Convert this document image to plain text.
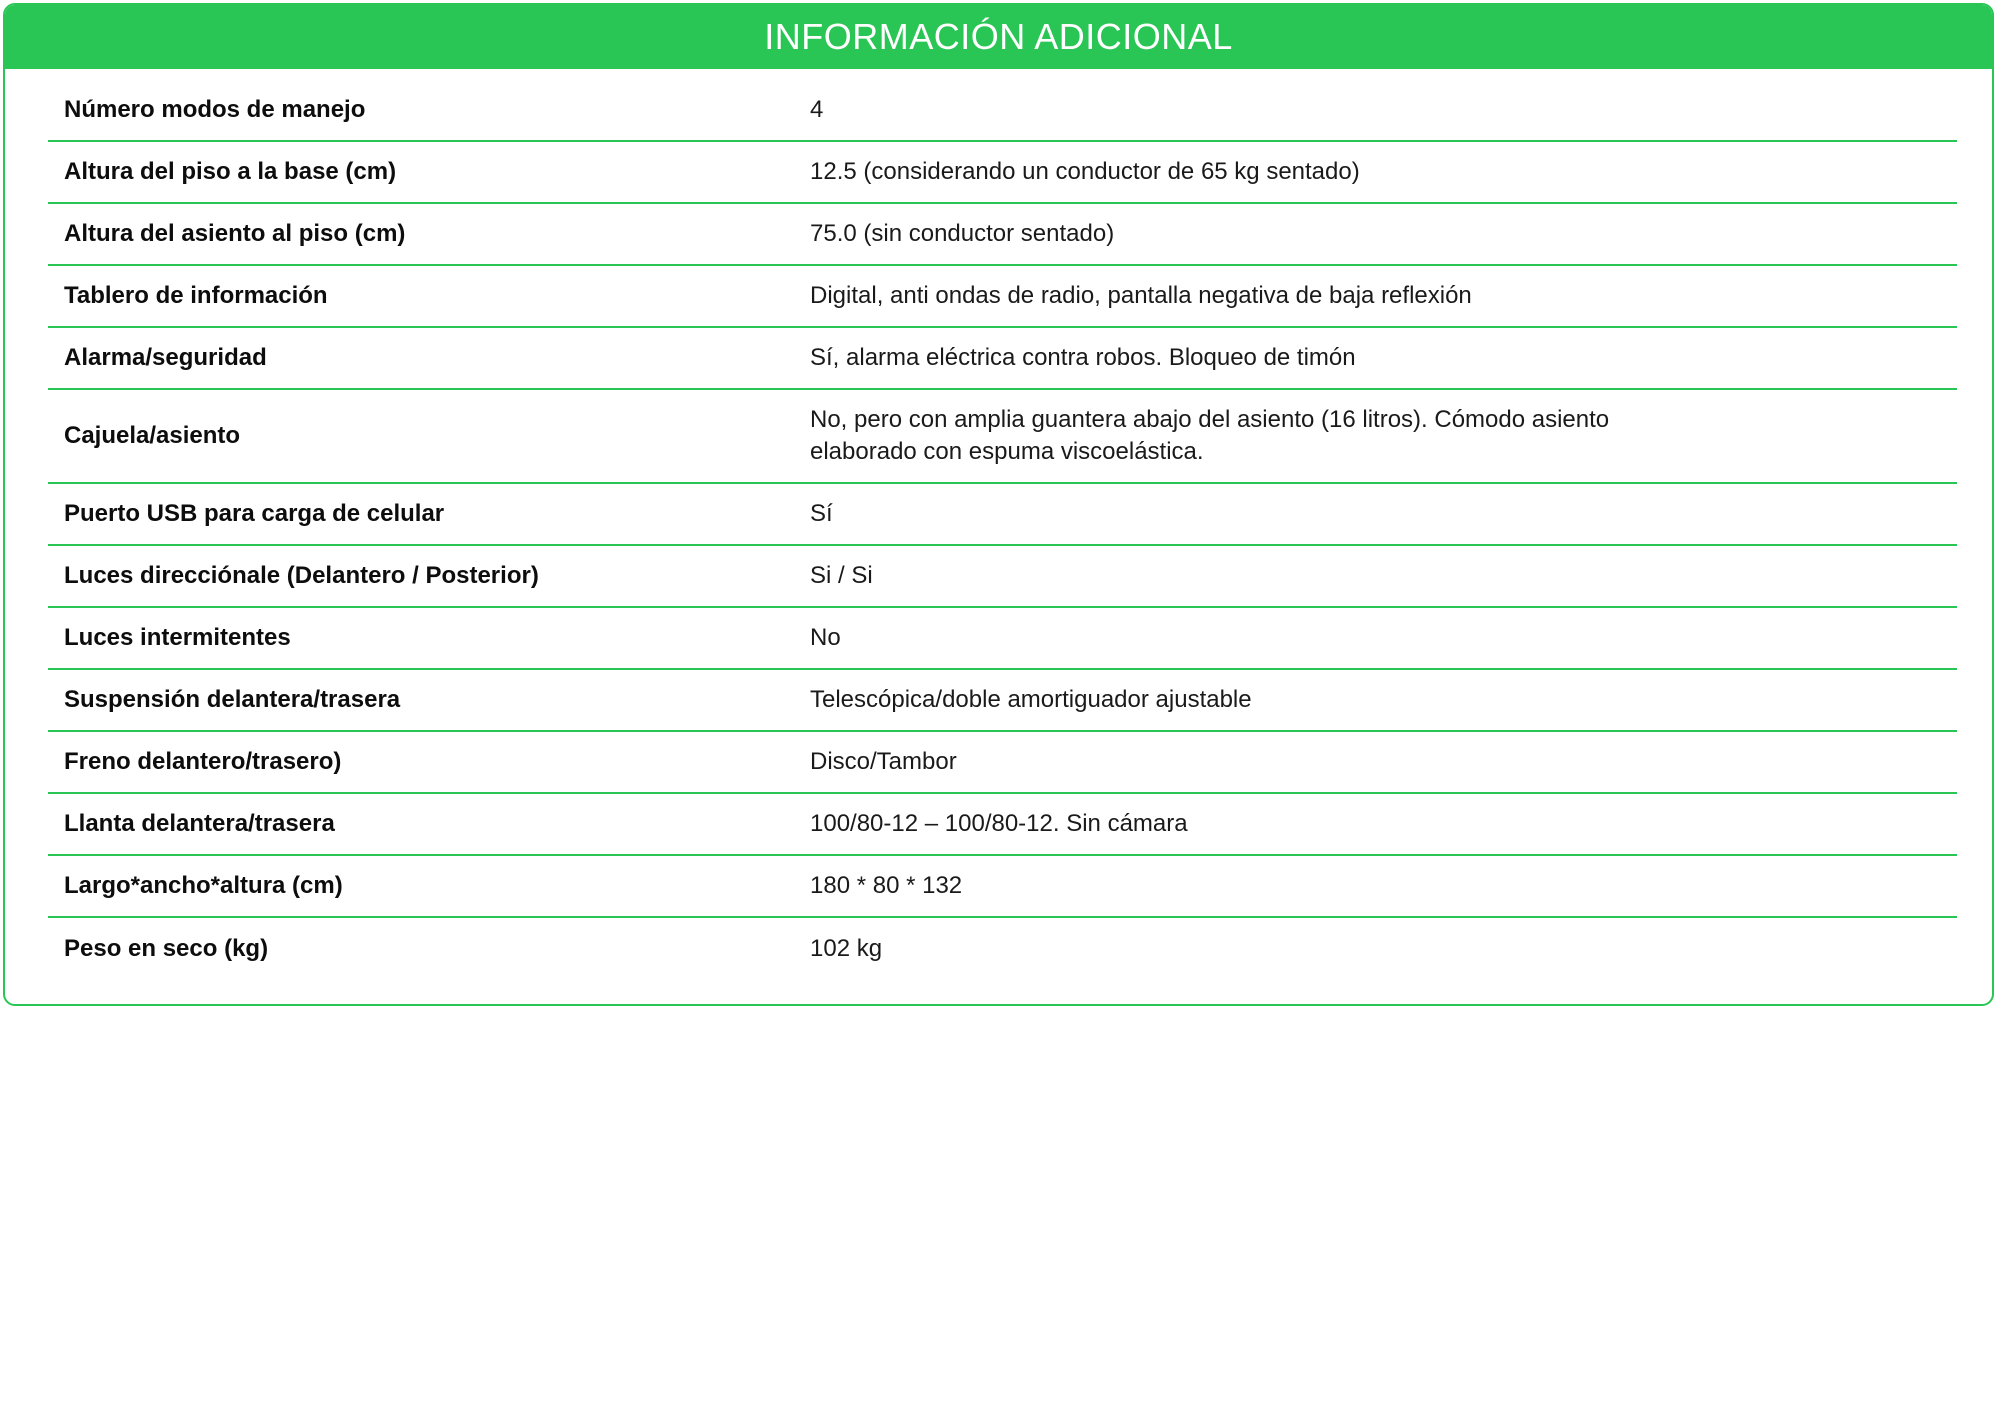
INFORMACIÓN ADICIONAL
Número modos de manejo	4
Altura del piso a la base (cm)	12.5 (considerando un conductor de 65 kg sentado)
Altura del asiento al piso (cm)	75.0 (sin conductor sentado)
Tablero de información	Digital, anti ondas de radio, pantalla negativa de baja reflexión
Alarma/seguridad	Sí, alarma eléctrica contra robos. Bloqueo de timón
Cajuela/asiento	No, pero con amplia guantera abajo del asiento (16 litros). Cómodo asiento elaborado con espuma viscoelástica.

Puerto USB para carga de celular	Sí
Luces direcciónale (Delantero / Posterior)	Si / Si
Luces intermitentes	No
Suspensión delantera/trasera	Telescópica/doble amortiguador ajustable
Freno delantero/trasero)	Disco/Tambor
Llanta delantera/trasera	100/80-12 – 100/80-12. Sin cámara
Largo*ancho*altura (cm)	180 * 80 * 132
Peso en seco (kg)	102 kg
